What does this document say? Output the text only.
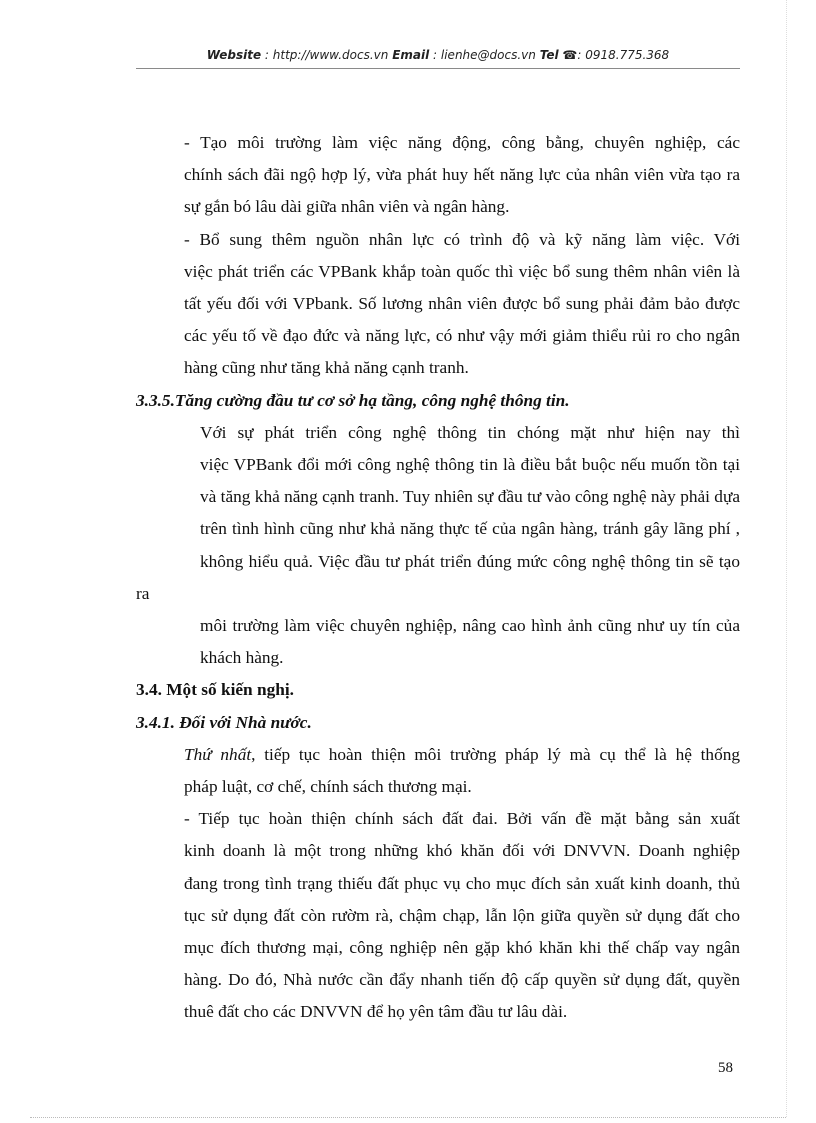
Website : http://www.docs.vn Email : lienhe@docs.vn Tel ☎: 0918.775.368

- Tạo môi trường làm việc năng động, công bằng, chuyên nghiệp, các
chính sách đãi ngộ hợp lý, vừa phát huy hết năng lực của nhân viên vừa tạo ra
sự gắn bó lâu dài giữa nhân viên và ngân hàng.

- Bổ sung thêm nguồn nhân lực có trình độ và kỹ năng làm việc. Với
việc phát triển các VPBank khắp toàn quốc thì việc bổ sung thêm nhân viên là
tất yếu đối với VPbank. Số lương nhân viên được bổ sung phải đảm bảo được
các yếu tố về đạo đức và năng lực, có như vậy mới giảm thiểu rủi ro cho ngân
hàng cũng như tăng khả năng cạnh tranh.

3.3.5.Tăng cường đầu tư cơ sở hạ tầng, công nghệ thông tin.

Với sự phát triển công nghệ thông tin chóng mặt như hiện nay thì
việc VPBank đổi mới công nghệ thông tin là điều bắt buộc nếu muốn tồn tại
và tăng khả năng cạnh tranh. Tuy nhiên sự đầu tư vào công nghệ này phải dựa
trên tình hình cũng như khả năng thực tế của ngân hàng, tránh gây lãng phí ,
không hiểu quả. Việc đầu tư phát triển đúng mức công nghệ thông tin sẽ tạo ra
môi trường làm việc chuyên nghiệp, nâng cao hình ảnh cũng như uy tín của
khách hàng.

3.4. Một số kiến nghị.

3.4.1. Đối với Nhà nước.

Thứ nhất, tiếp tục hoàn thiện môi trường pháp lý mà cụ thể là hệ thống
pháp luật, cơ chế, chính sách thương mại.

- Tiếp tục hoàn thiện chính sách đất đai. Bởi vấn đề mặt bằng sản xuất
kinh doanh là một trong những khó khăn đối với DNVVN. Doanh nghiệp
đang trong tình trạng thiếu đất phục vụ cho mục đích sản xuất kinh doanh, thủ
tục sử dụng đất còn rườm rà, chậm chạp, lẫn lộn giữa quyền sử dụng đất cho
mục đích thương mại, công nghiệp nên gặp khó khăn khi thế chấp vay ngân
hàng. Do đó, Nhà nước cần đẩy nhanh tiến độ cấp quyền sử dụng đất, quyền
thuê đất cho các DNVVN để họ yên tâm đầu tư lâu dài.

58
